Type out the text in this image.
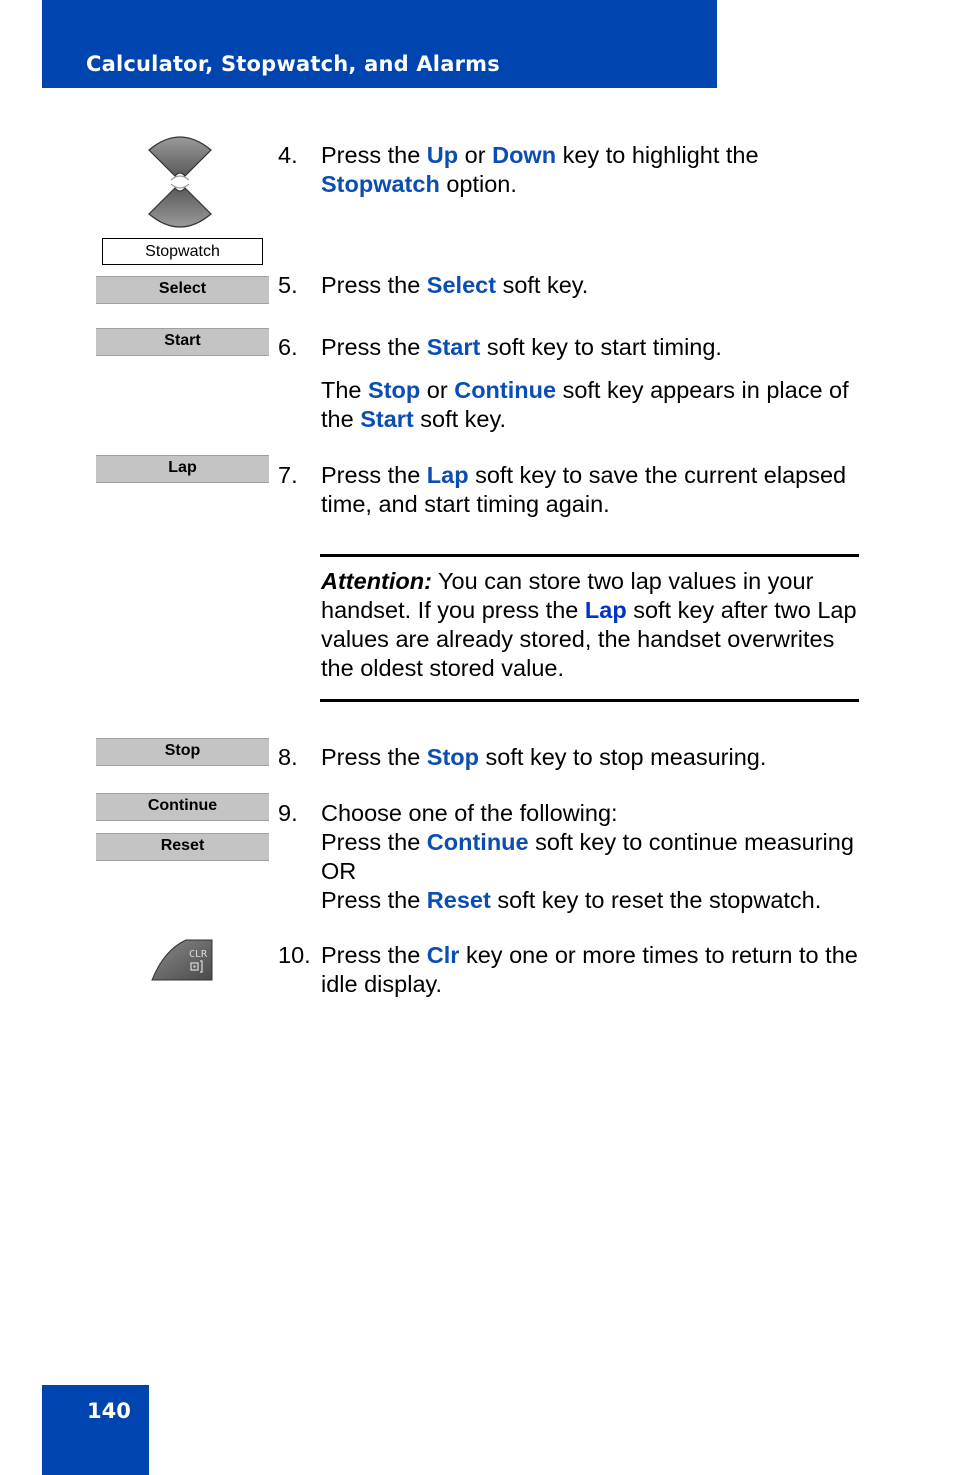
Calculator, Stopwatch, and Alarms
Stopwatch
Select
Start
Lap
Stop
Continue
Reset
CLR
4. Press the Up or Down key to highlight the Stopwatch option.
5. Press the Select soft key.
6. Press the Start soft key to start timing.
The Stop or Continue soft key appears in place of the Start soft key.
7. Press the Lap soft key to save the current elapsed time, and start timing again.
Attention: You can store two lap values in your handset. If you press the Lap soft key after two Lap values are already stored, the handset overwrites the oldest stored value.
8. Press the Stop soft key to stop measuring.
9. Choose one of the following:
Press the Continue soft key to continue measuring
OR
Press the Reset soft key to reset the stopwatch.
10. Press the Clr key one or more times to return to the idle display.
140
